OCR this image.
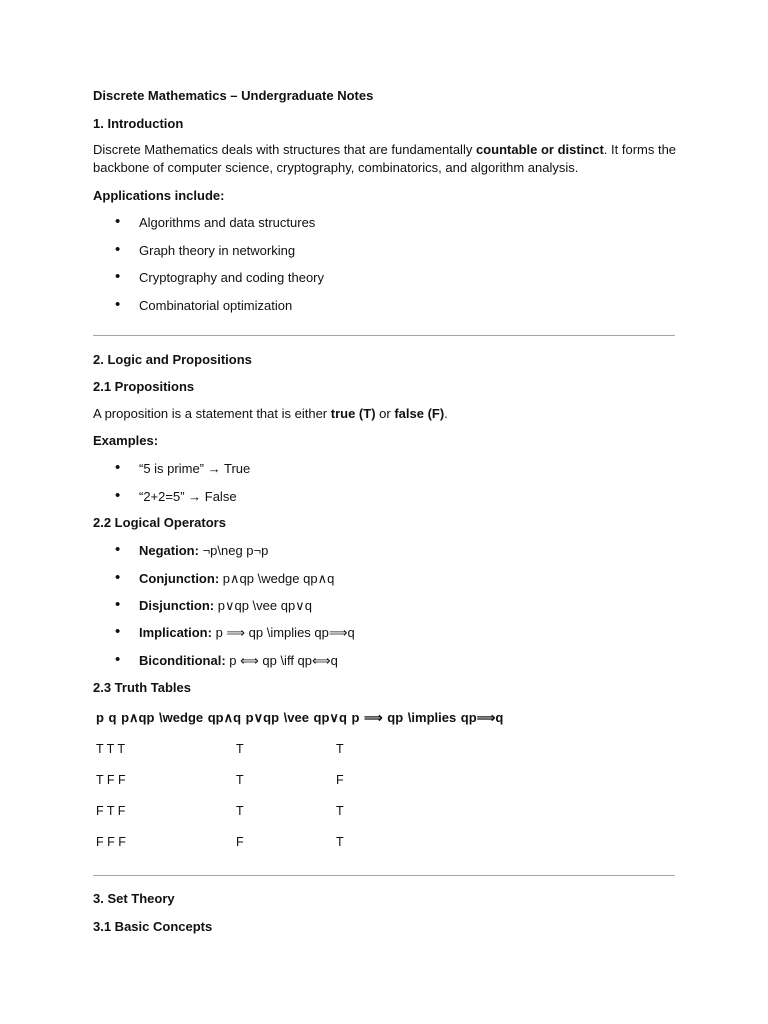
Discrete Mathematics – Undergraduate Notes
1. Introduction
Discrete Mathematics deals with structures that are fundamentally countable or distinct. It forms the backbone of computer science, cryptography, combinatorics, and algorithm analysis.
Applications include:
• Algorithms and data structures
• Graph theory in networking
• Cryptography and coding theory
• Combinatorial optimization
2. Logic and Propositions
2.1 Propositions
A proposition is a statement that is either true (T) or false (F).
Examples:
• “5 is prime” → True
• “2+2=5” → False
2.2 Logical Operators
• Negation: ¬p\neg p¬p
• Conjunction: p∧qp \wedge qp∧q
• Disjunction: p∨qp \vee qp∨q
• Implication: p ⟹ qp \implies qp⟹q
• Biconditional: p ⟺ qp \iff qp⟺q
2.3 Truth Tables
p q p∧qp \wedge qp∧q p∨qp \vee qp∨q p ⟹ qp \implies qp⟹q
T T T	T	T
T F F	T	F
F T F	T	T
F F F	F	T
3. Set Theory
3.1 Basic Concepts
